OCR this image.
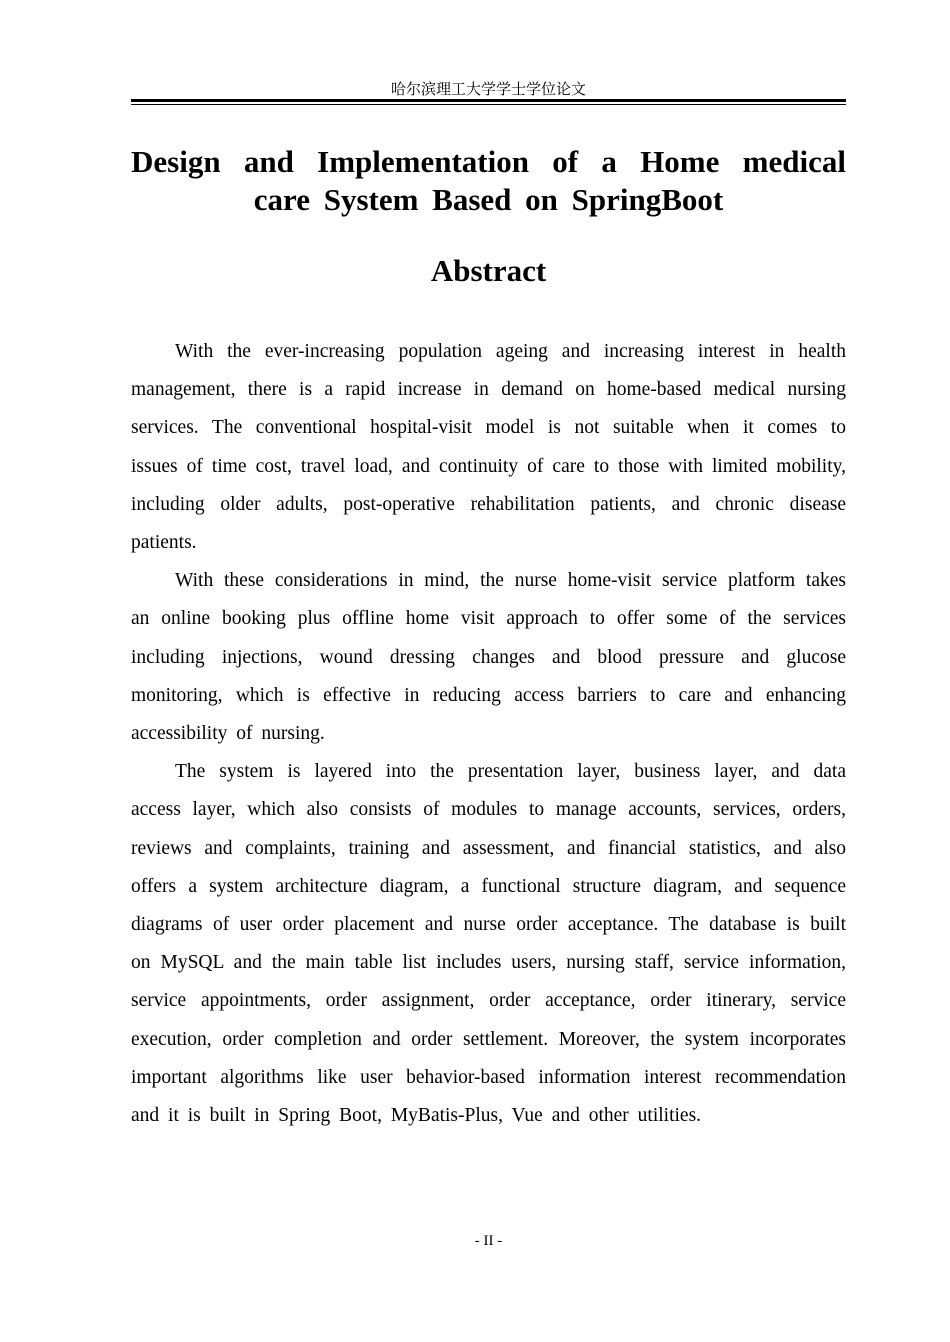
哈尔滨理工大学学士学位论文
Design and Implementation of a Home medical care System Based on SpringBoot
Abstract

With the ever-increasing population ageing and increasing interest in health management, there is a rapid increase in demand on home-based medical nursing services. The conventional hospital-visit model is not suitable when it comes to issues of time cost, travel load, and continuity of care to those with limited mobility, including older adults, post-operative rehabilitation patients, and chronic disease patients.

With these considerations in mind, the nurse home-visit service platform takes an online booking plus offline home visit approach to offer some of the services including injections, wound dressing changes and blood pressure and glucose monitoring, which is effective in reducing access barriers to care and enhancing accessibility of nursing.

The system is layered into the presentation layer, business layer, and data access layer, which also consists of modules to manage accounts, services, orders, reviews and complaints, training and assessment, and financial statistics, and also offers a system architecture diagram, a functional structure diagram, and sequence diagrams of user order placement and nurse order acceptance. The database is built on MySQL and the main table list includes users, nursing staff, service information, service appointments, order assignment, order acceptance, order itinerary, service execution, order completion and order settlement. Moreover, the system incorporates important algorithms like user behavior-based information interest recommendation and it is built in Spring Boot, MyBatis-Plus, Vue and other utilities.

- II -
